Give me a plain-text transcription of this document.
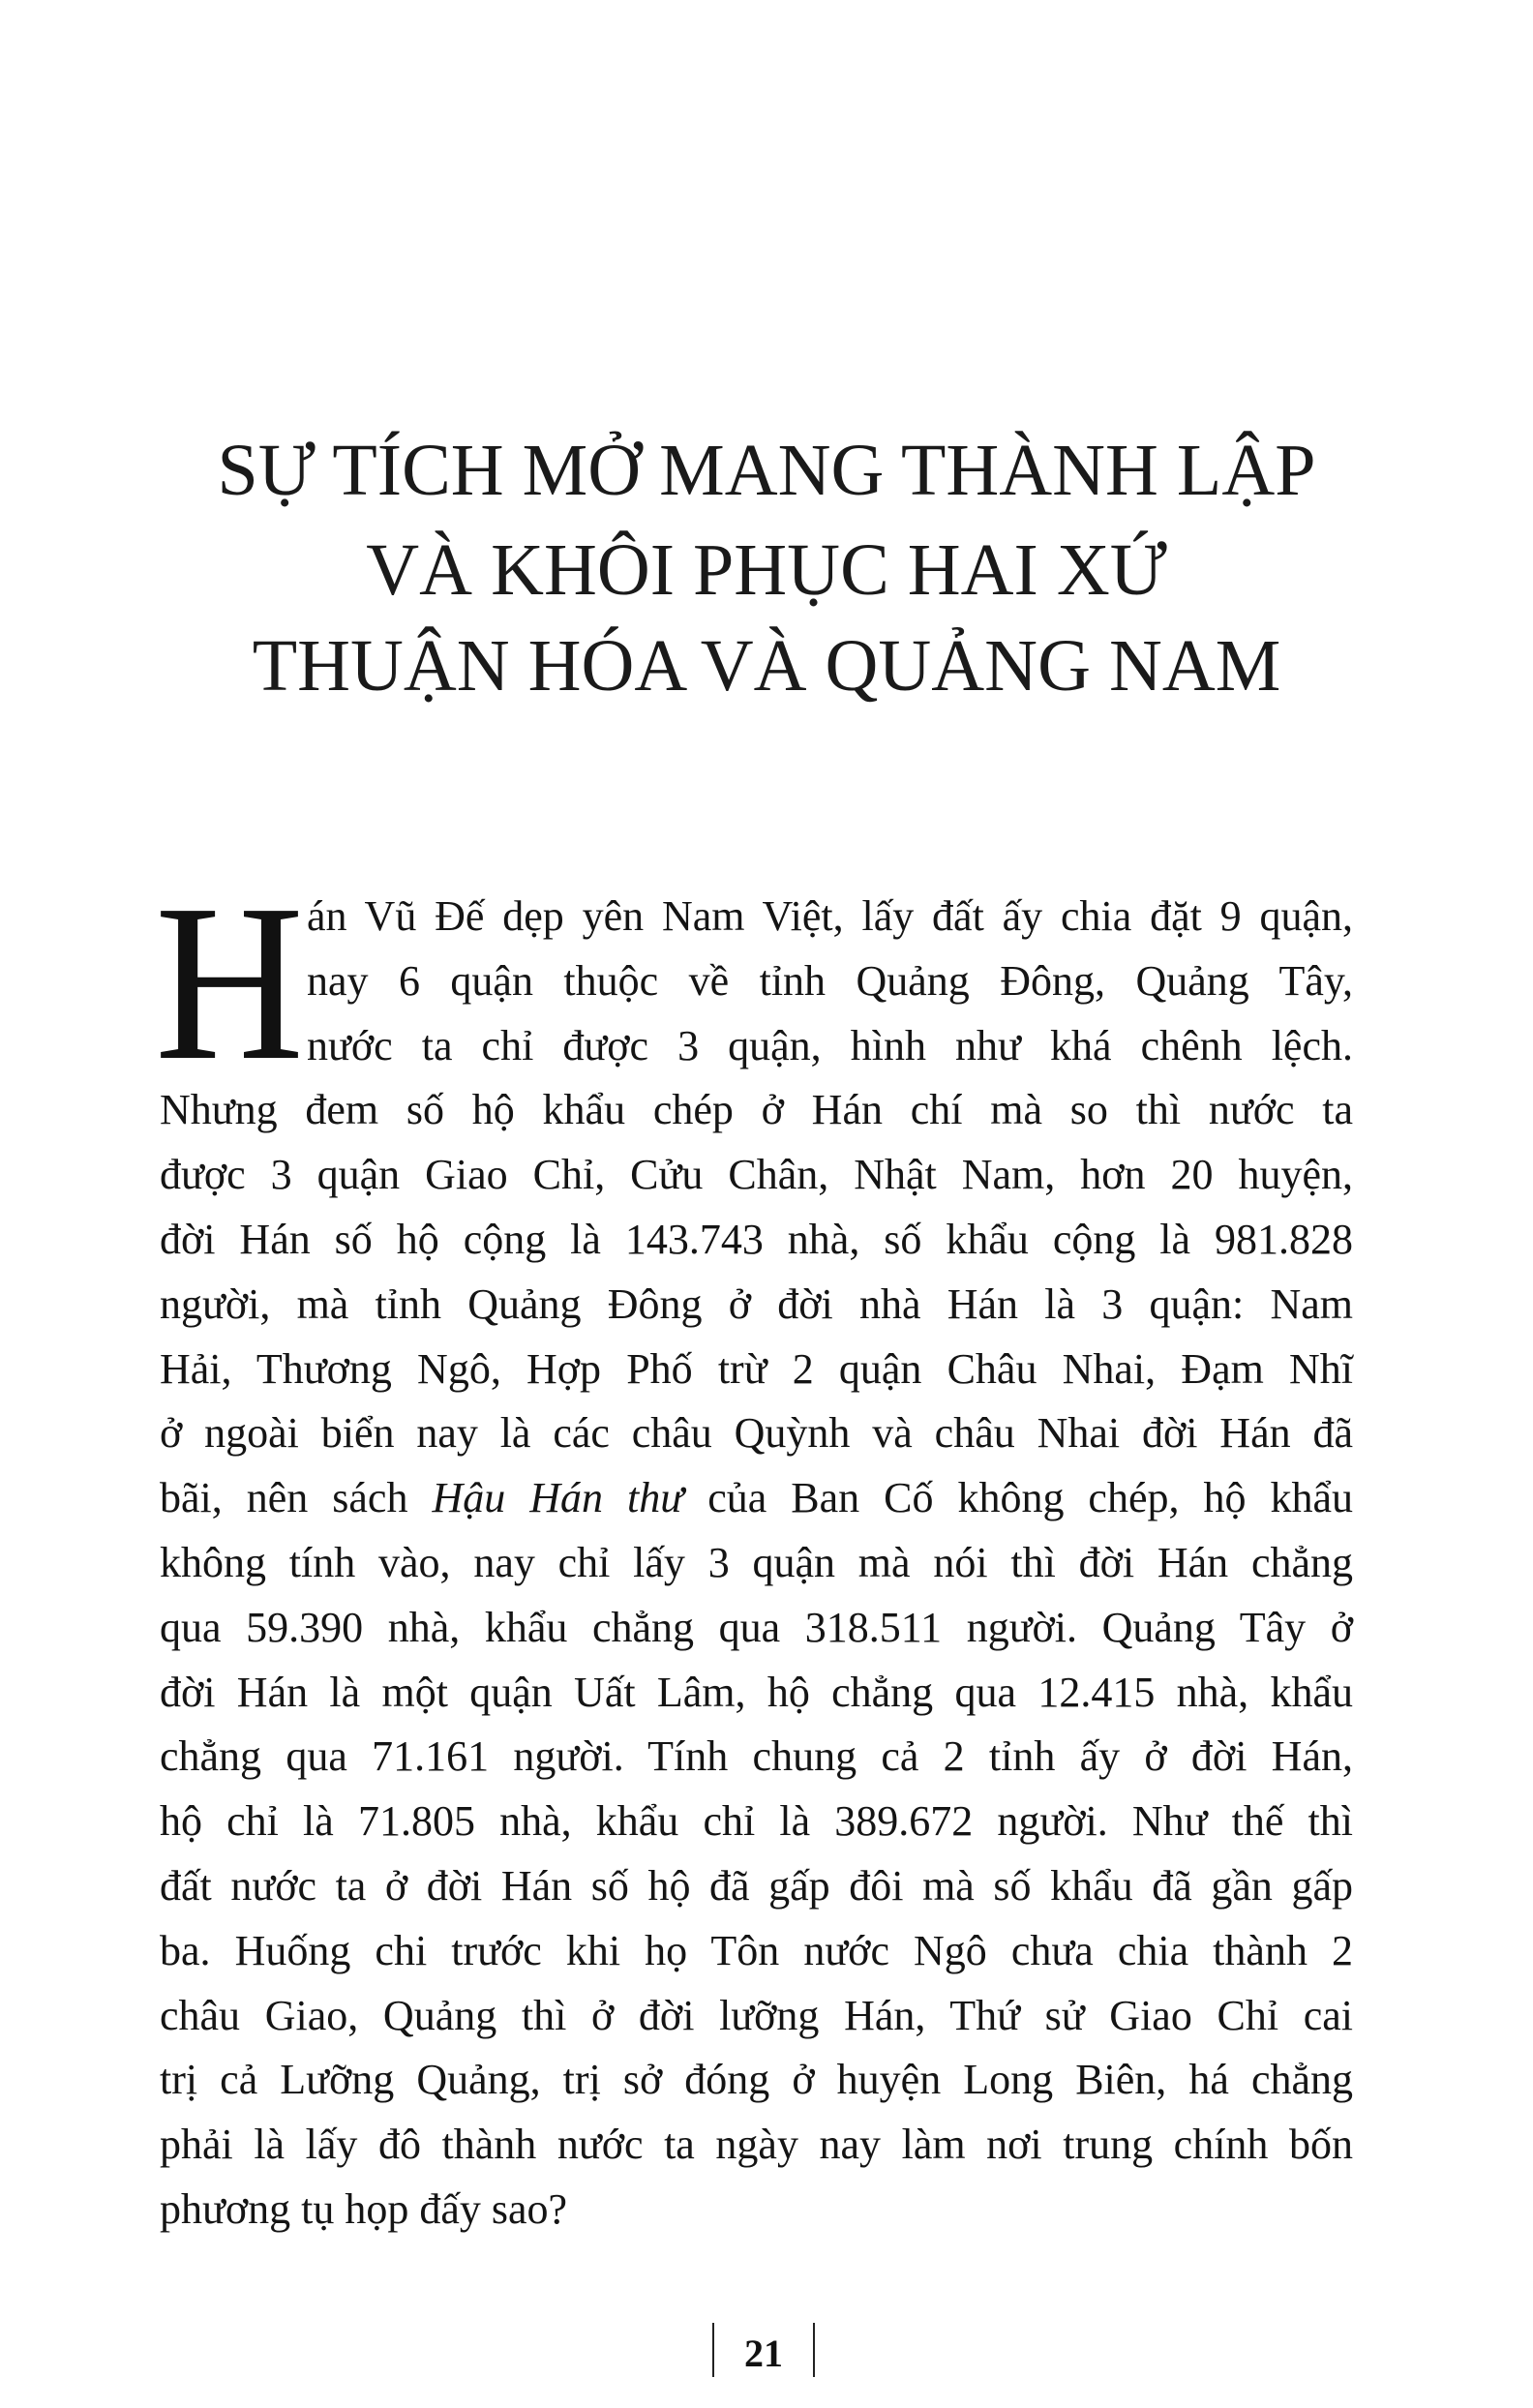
SỰ TÍCH MỞ MANG THÀNH LẬP
VÀ KHÔI PHỤC HAI XỨ
THUẬN HÓA VÀ QUẢNG NAM
H án Vũ Đế dẹp yên Nam Việt, lấy đất ấy chia đặt 9 quận,
nay 6 quận thuộc về tỉnh Quảng Đông, Quảng Tây,
nước ta chỉ được 3 quận, hình như khá chênh lệch.
Nhưng đem số hộ khẩu chép ở Hán chí mà so thì nước ta
được 3 quận Giao Chỉ, Cửu Chân, Nhật Nam, hơn 20 huyện,
đời Hán số hộ cộng là 143.743 nhà, số khẩu cộng là 981.828
người, mà tỉnh Quảng Đông ở đời nhà Hán là 3 quận: Nam
Hải, Thương Ngô, Hợp Phố trừ 2 quận Châu Nhai, Đạm Nhĩ
ở ngoài biển nay là các châu Quỳnh và châu Nhai đời Hán đã
bãi, nên sách Hậu Hán thư của Ban Cố không chép, hộ khẩu
không tính vào, nay chỉ lấy 3 quận mà nói thì đời Hán chẳng
qua 59.390 nhà, khẩu chẳng qua 318.511 người. Quảng Tây ở
đời Hán là một quận Uất Lâm, hộ chẳng qua 12.415 nhà, khẩu
chẳng qua 71.161 người. Tính chung cả 2 tỉnh ấy ở đời Hán,
hộ chỉ là 71.805 nhà, khẩu chỉ là 389.672 người. Như thế thì
đất nước ta ở đời Hán số hộ đã gấp đôi mà số khẩu đã gần gấp
ba. Huống chi trước khi họ Tôn nước Ngô chưa chia thành 2
châu Giao, Quảng thì ở đời lưỡng Hán, Thứ sử Giao Chỉ cai
trị cả Lưỡng Quảng, trị sở đóng ở huyện Long Biên, há chẳng
phải là lấy đô thành nước ta ngày nay làm nơi trung chính bốn
phương tụ họp đấy sao?
21
